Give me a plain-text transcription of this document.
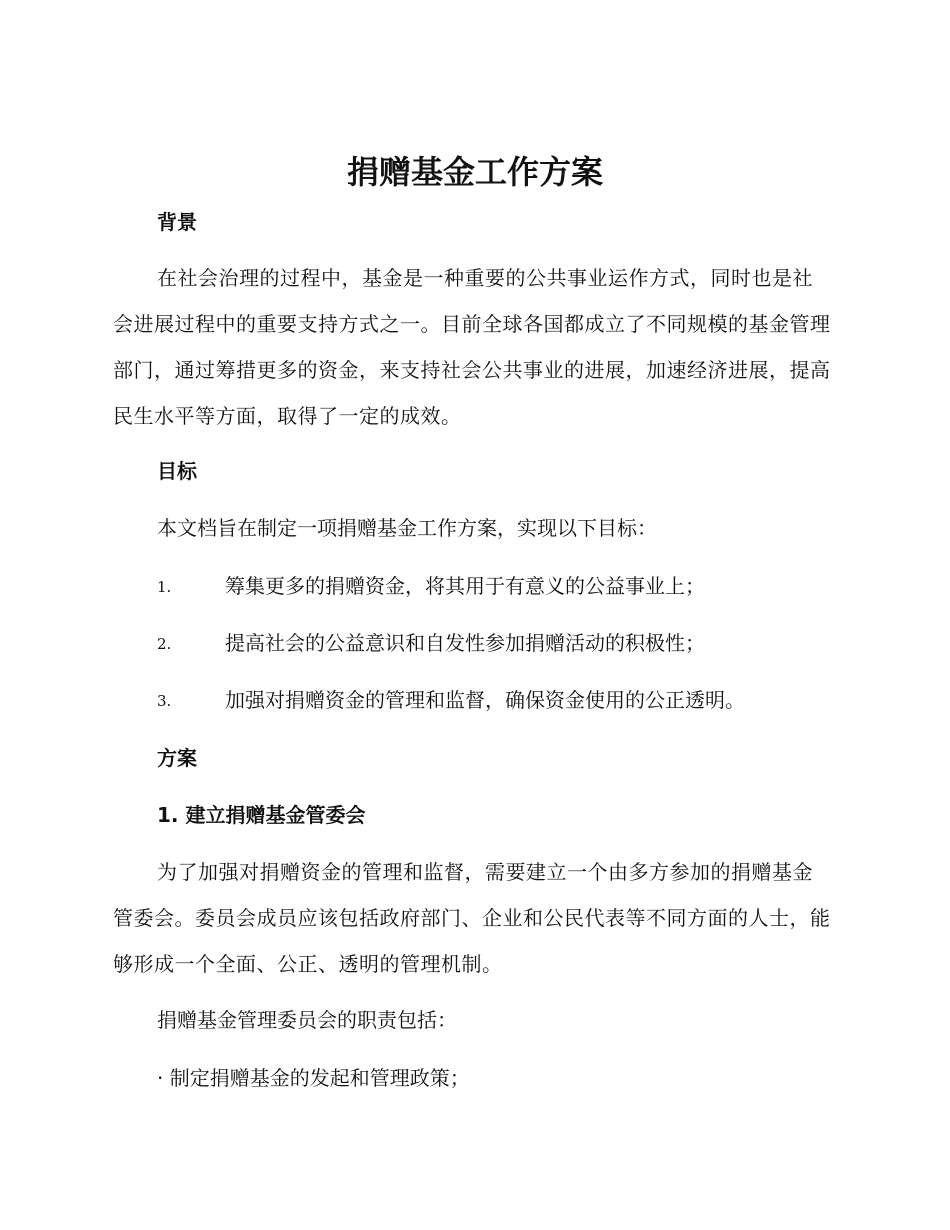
捐赠基金工作方案
背景

在社会治理的过程中，基金是一种重要的公共事业运作方式，同时也是社会进展过程中的重要支持方式之一。目前全球各国都成立了不同规模的基金管理部门，通过筹措更多的资金，来支持社会公共事业的进展，加速经济进展，提高民生水平等方面，取得了一定的成效。

目标

本文档旨在制定一项捐赠基金工作方案，实现以下目标：

1.	筹集更多的捐赠资金，将其用于有意义的公益事业上；
2.	提高社会的公益意识和自发性参加捐赠活动的积极性；
3.	加强对捐赠资金的管理和监督，确保资金使用的公正透明。
方案
1. 建立捐赠基金管委会

为了加强对捐赠资金的管理和监督，需要建立一个由多方参加的捐赠基金管委会。委员会成员应该包括政府部门、企业和公民代表等不同方面的人士，能够形成一个全面、公正、透明的管理机制。

捐赠基金管理委员会的职责包括：

· 制定捐赠基金的发起和管理政策；
